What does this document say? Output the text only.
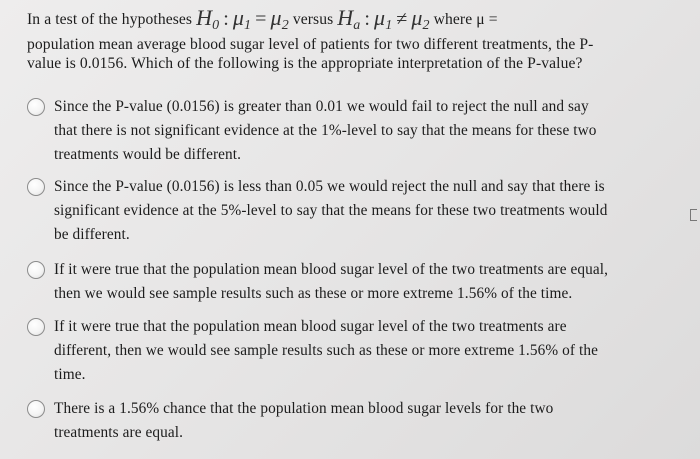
In a test of the hypotheses $H_0$ : $\mu_1 = \mu_2$ versus $H_a$ : $\mu_1 \ne \mu_2$ where μ =
population mean average blood sugar level of patients for two different treatments, the P-
value is 0.0156. Which of the following is the appropriate interpretation of the P-value?
Since the P-value (0.0156) is greater than 0.01 we would fail to reject the null and say
that there is not significant evidence at the 1%-level to say that the means for these two
treatments would be different.
Since the P-value (0.0156) is less than 0.05 we would reject the null and say that there is
significant evidence at the 5%-level to say that the means for these two treatments would
be different.
If it were true that the population mean blood sugar level of the two treatments are equal,
then we would see sample results such as these or more extreme 1.56% of the time.
If it were true that the population mean blood sugar level of the two treatments are
different, then we would see sample results such as these or more extreme 1.56% of the
time.
There is a 1.56% chance that the population mean blood sugar levels for the two
treatments are equal.
